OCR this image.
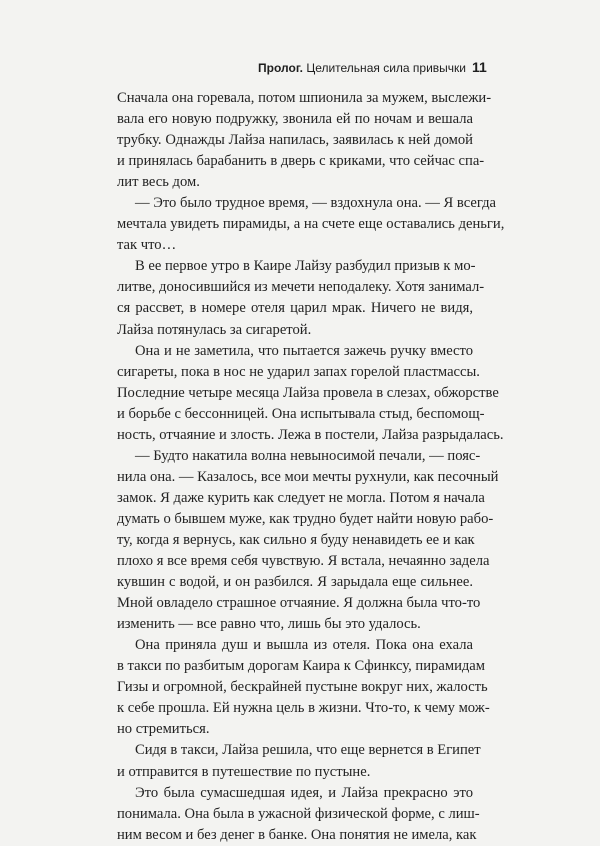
Пролог. Целительная сила привычки 11
Сначала она горевала, потом шпионила за мужем, выслежи-
вала его новую подружку, звонила ей по ночам и вешала
трубку. Однажды Лайза напилась, заявилась к ней домой
и принялась барабанить в дверь с криками, что сейчас спа-
лит весь дом.
— Это было трудное время, — вздохнула она. — Я всегда
мечтала увидеть пирамиды, а на счете еще оставались деньги,
так что…
В ее первое утро в Каире Лайзу разбудил призыв к мо-
литве, доносившийся из мечети неподалеку. Хотя занимал-
ся рассвет, в номере отеля царил мрак. Ничего не видя,
Лайза потянулась за сигаретой.
Она и не заметила, что пытается зажечь ручку вместо
сигареты, пока в нос не ударил запах горелой пластмассы.
Последние четыре месяца Лайза провела в слезах, обжорстве
и борьбе с бессонницей. Она испытывала стыд, беспомощ-
ность, отчаяние и злость. Лежа в постели, Лайза разрыдалась.
— Будто накатила волна невыносимой печали, — пояс-
нила она. — Казалось, все мои мечты рухнули, как песочный
замок. Я даже курить как следует не могла. Потом я начала
думать о бывшем муже, как трудно будет найти новую рабо-
ту, когда я вернусь, как сильно я буду ненавидеть ее и как
плохо я все время себя чувствую. Я встала, нечаянно задела
кувшин с водой, и он разбился. Я зарыдала еще сильнее.
Мной овладело страшное отчаяние. Я должна была что-то
изменить — все равно что, лишь бы это удалось.
Она приняла душ и вышла из отеля. Пока она ехала
в такси по разбитым дорогам Каира к Сфинксу, пирамидам
Гизы и огромной, бескрайней пустыне вокруг них, жалость
к себе прошла. Ей нужна цель в жизни. Что-то, к чему мож-
но стремиться.
Сидя в такси, Лайза решила, что еще вернется в Египет
и отправится в путешествие по пустыне.
Это была сумасшедшая идея, и Лайза прекрасно это
понимала. Она была в ужасной физической форме, с лиш-
ним весом и без денег в банке. Она понятия не имела, как
